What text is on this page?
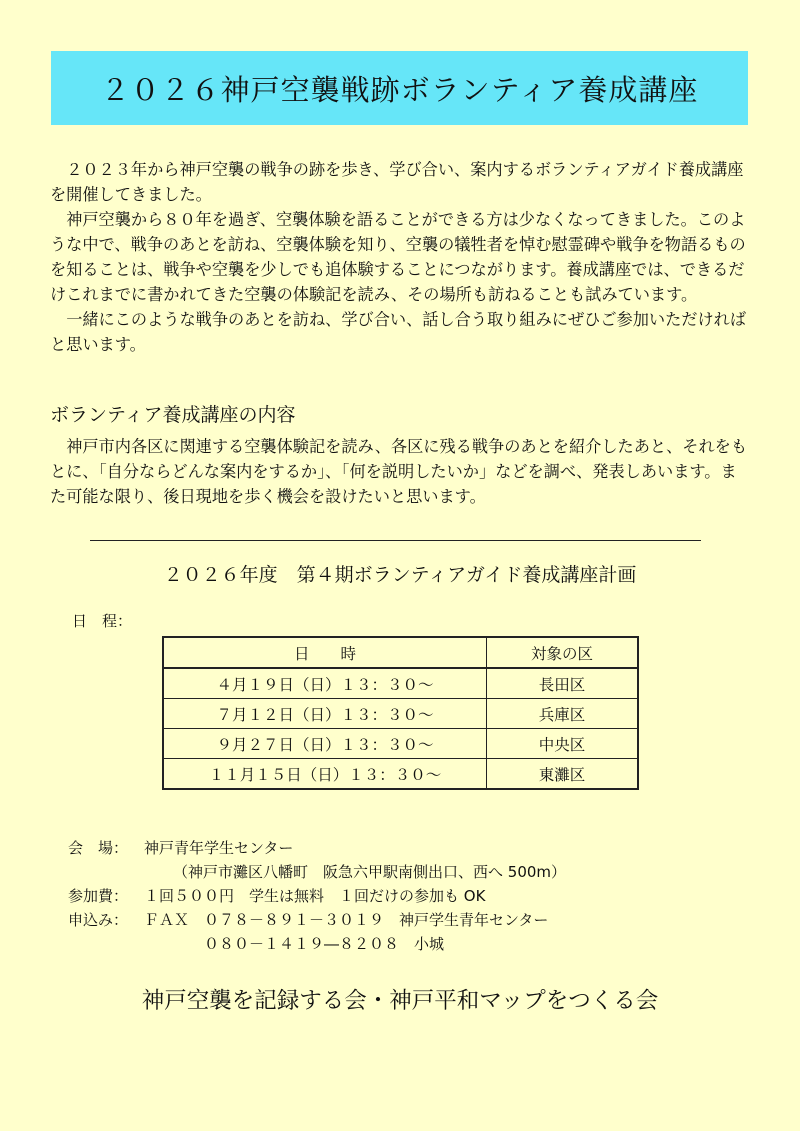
２０２６神戸空襲戦跡ボランティア養成講座

２０２３年から神戸空襲の戦争の跡を歩き、学び合い、案内するボランティアガイド養成講座を開催してきました。

神戸空襲から８０年を過ぎ、空襲体験を語ることができる方は少なくなってきました。このような中で、戦争のあとを訪ね、空襲体験を知り、空襲の犠牲者を悼む慰霊碑や戦争を物語るものを知ることは、戦争や空襲を少しでも追体験することにつながります。養成講座では、できるだけこれまでに書かれてきた空襲の体験記を読み、その場所も訪ねることも試みています。

一緒にこのような戦争のあとを訪ね、学び合い、話し合う取り組みにぜひご参加いただければと思います。

ボランティア養成講座の内容

神戸市内各区に関連する空襲体験記を読み、各区に残る戦争のあとを紹介したあと、それをもとに、「自分ならどんな案内をするか」、「何を説明したいか」などを調べ、発表しあいます。また可能な限り、後日現地を歩く機会を設けたいと思います。

２０２６年度　第４期ボランティアガイド養成講座計画
日　程：
日　　時	対象の区
４月１９日（日）１３：３０～	長田区
７月１２日（日）１３：３０～	兵庫区
９月２７日（日）１３：３０～	中央区
１１月１５日（日）１３：３０～	東灘区
会　場：	神戸青年学生センター
（神戸市灘区八幡町　阪急六甲駅南側出口、西へ 500m）
参加費：	１回５００円　学生は無料　１回だけの参加も OK
申込み：	ＦＡＸ　０７８－８９１－３０１９　神戸学生青年センター
０８０－１４１９―８２０８　小城
神戸空襲を記録する会・神戸平和マップをつくる会
